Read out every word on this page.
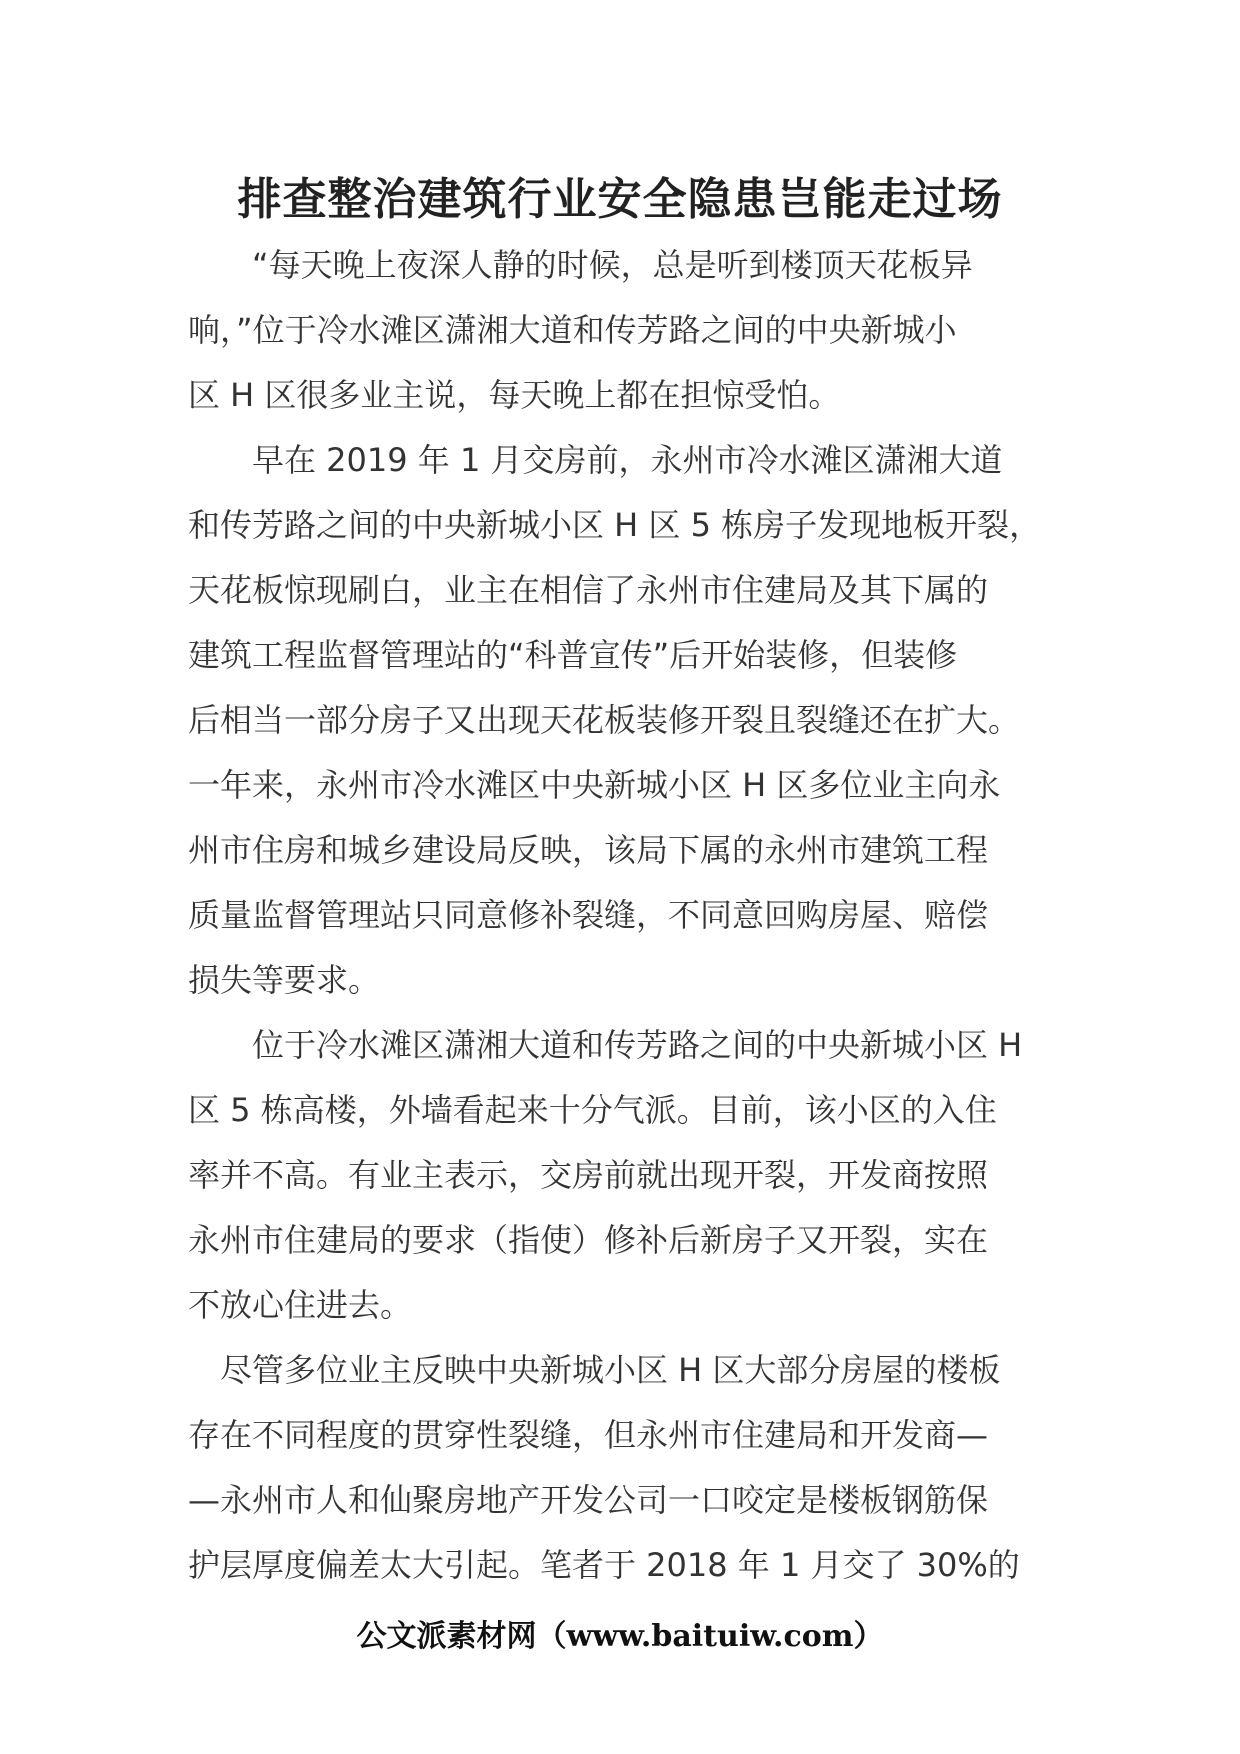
排查整治建筑行业安全隐患岂能走过场

　　“每天晚上夜深人静的时候，总是听到楼顶天花板异
响，”位于冷水滩区潇湘大道和传芳路之间的中央新城小
区 H 区很多业主说，每天晚上都在担惊受怕。

　　早在 2019 年 1 月交房前，永州市冷水滩区潇湘大道
和传芳路之间的中央新城小区 H 区 5 栋房子发现地板开裂，
天花板惊现刷白，业主在相信了永州市住建局及其下属的
建筑工程监督管理站的“科普宣传”后开始装修，但装修
后相当一部分房子又出现天花板装修开裂且裂缝还在扩大。
一年来，永州市冷水滩区中央新城小区 H 区多位业主向永
州市住房和城乡建设局反映，该局下属的永州市建筑工程
质量监督管理站只同意修补裂缝，不同意回购房屋、赔偿
损失等要求。

　　位于冷水滩区潇湘大道和传芳路之间的中央新城小区 H
区 5 栋高楼，外墙看起来十分气派。目前，该小区的入住
率并不高。有业主表示，交房前就出现开裂，开发商按照
永州市住建局的要求（指使）修补后新房子又开裂，实在
不放心住进去。

　尽管多位业主反映中央新城小区 H 区大部分房屋的楼板
存在不同程度的贯穿性裂缝，但永州市住建局和开发商—
—永州市人和仙聚房地产开发公司一口咬定是楼板钢筋保
护层厚度偏差太大引起。笔者于 2018 年 1 月交了 30%的

公文派素材网（www.baituiw.com）
